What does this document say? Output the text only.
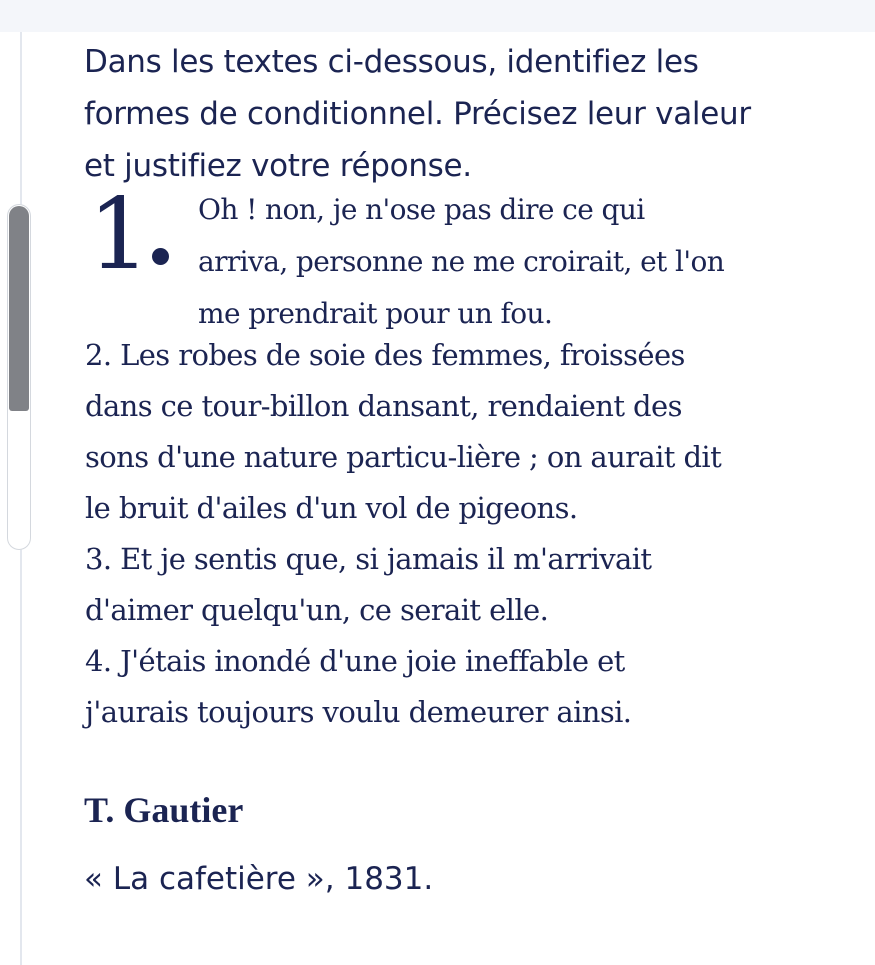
Dans les textes ci-dessous, identifiez les
formes de conditionnel. Précisez leur valeur
et justifiez votre réponse.

1 Oh ! non, je n'ose pas dire ce qui
arriva, personne ne me croirait, et l'on
me prendrait pour un fou.

2. Les robes de soie des femmes, froissées
dans ce tour-billon dansant, rendaient des
sons d'une nature particu-lière ; on aurait dit
le bruit d'ailes d'un vol de pigeons.
3. Et je sentis que, si jamais il m'arrivait
d'aimer quelqu'un, ce serait elle.
4. J'étais inondé d'une joie ineffable et
j'aurais toujours voulu demeurer ainsi.

T. Gautier

« La cafetière », 1831.
